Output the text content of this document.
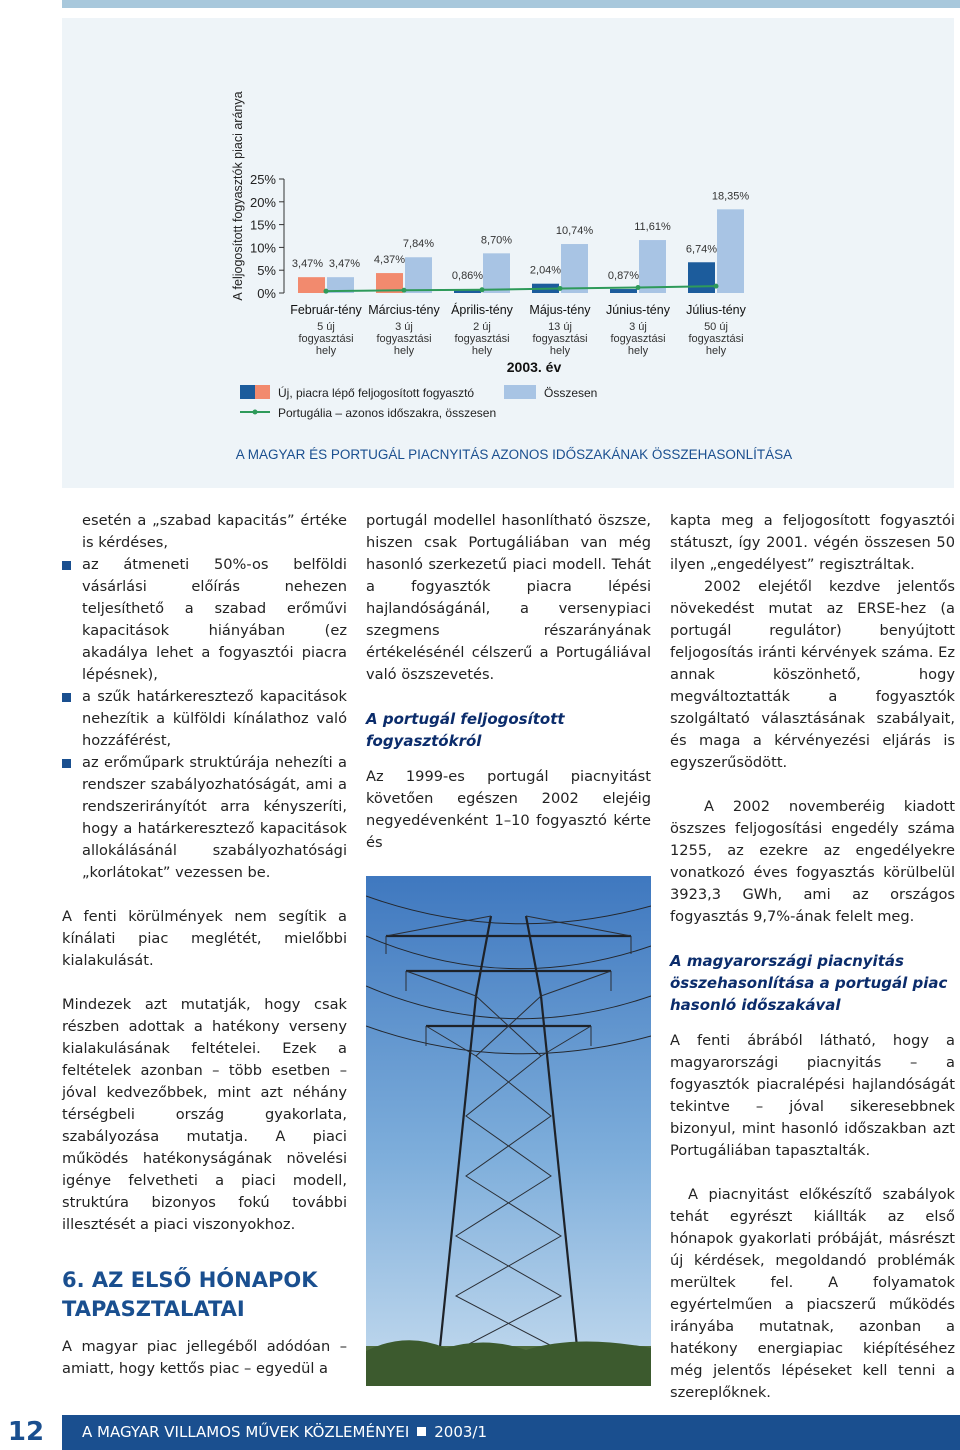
0%
5%
10%
15%
20%
25%
A feljogosított fogyasztók piaci aránya	3,47% 3,47%
Február-tény
5 új
fogyasztási
hely
4,37%
7,84%
Március-tény
3 új
fogyasztási
hely
0,86%
8,70%
Április-tény
2 új
fogyasztási
hely
2,04%
10,74%
Május-tény
13 új
fogyasztási
hely
0,87%
11,61%
Június-tény
3 új
fogyasztási
hely
6,74%
18,35%
Július-tény
50 új
fogyasztási
hely
2003. év
Új, piacra lépő feljogosított fogyasztó	Összesen
Portugália – azonos időszakra, összesen
A MAGYAR ÉS PORTUGÁL PIACNYITÁS AZONOS IDŐSZAKÁNAK ÖSSZEHASONLÍTÁSA

esetén a „szabad kapacitás” értéke is kérdéses,

az átmeneti 50%-os belföldi vásárlási előírás nehezen teljesíthető a szabad erőművi kapacitások hiányában (ez akadálya lehet a fogyasztói piacra lépésnek),

a szűk határkeresztező kapacitások nehezítik a külföldi kínálathoz való hozzáférést,

az erőműpark struktúrája nehezíti a rendszer szabályozhatóságát, ami a rendszerirányítót arra kényszeríti, hogy a határkeresztező kapacitások allokálásánál szabályozhatósági „korlátokat” vezessen be.

A fenti körülmények nem segítik a kínálati piac meglétét, mielőbbi kialakulását.

Mindezek azt mutatják, hogy csak részben adottak a hatékony verseny kialakulásának feltételei. Ezek a feltételek azonban – több esetben – jóval kedvezőbbek, mint azt néhány térségbeli ország gyakorlata, szabályozása mutatja. A piaci működés hatékonyságának növelési igénye felvetheti a piaci modell, struktúra bizonyos fokú további illesztését a piaci viszonyokhoz.

6. AZ ELSŐ HÓNAPOK
TAPASZTALATAI

A magyar piac jellegéből adódóan – amiatt, hogy kettős piac – egyedül a

portugál modellel hasonlítható öszsze, hiszen csak Portugáliában van még hasonló szerkezetű piaci modell. Tehát a fogyasztók piacra lépési hajlandóságánál, a versenypiaci szegmens részarányának értékelésénél célszerű a Portugáliával való öszszevetés.

A portugál feljogosított fogyasztókról

Az 1999-es portugál piacnyitást követően egészen 2002 elejéig negyedévenként 1–10 fogyasztó kérte és

kapta meg a feljogosított fogyasztói státuszt, így 2001. végén összesen 50 ilyen „engedélyest” regisztráltak.

2002 elejétől kezdve jelentős növekedést mutat az ERSE-hez (a portugál regulátor) benyújtott feljogosítás iránti kérvények száma. Ez annak köszönhető, hogy megváltoztatták a fogyasztók szolgáltató választásának szabályait, és maga a kérvényezési eljárás is egyszerűsödött.

A 2002 novemberéig kiadott öszszes feljogosítási engedély száma 1255, az ezekre az engedélyekre vonatkozó éves fogyasztás körülbelül 3923,3 GWh, ami az országos fogyasztás 9,7%-ának felelt meg.

A magyarországi piacnyitás összehasonlítása a portugál piac hasonló időszakával

A fenti ábrából látható, hogy a magyarországi piacnyitás – a fogyasztók piacralépési hajlandóságát tekintve – jóval sikeresebbnek bizonyul, mint hasonló időszakban azt Portugáliában tapasztalták.

A piacnyitást előkészítő szabályok tehát egyrészt kiállták az első hónapok gyakorlati próbáját, másrészt új kérdések, megoldandó problémák merültek fel. A folyamatok egyértelműen a piacszerű működés irányába mutatnak, azonban a hatékony energiapiac kiépítéséhez még jelentős lépéseket kell tenni a szereplőknek.

12	A MAGYAR VILLAMOS MŰVEK KÖZLEMÉNYEI 2003/1
